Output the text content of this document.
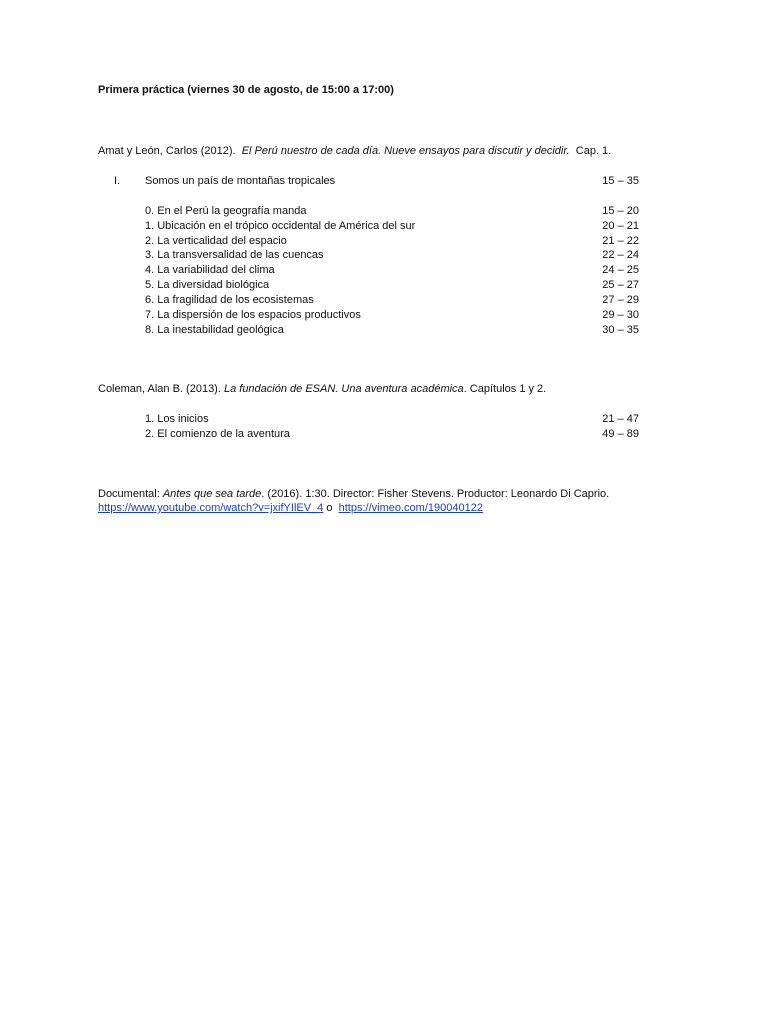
Primera práctica (viernes 30 de agosto, de 15:00 a 17:00)
Amat y León, Carlos (2012). El Perú nuestro de cada día. Nueve ensayos para discutir y decidir. Cap. 1.
I. Somos un país de montañas tropicales	15 – 35
0. En el Perú la geografía manda	15 – 20
1. Ubicación en el trópico occidental de América del sur	20 – 21
2. La verticalidad del espacio	21 – 22
3. La transversalidad de las cuencas	22 – 24
4. La variabilidad del clima	24 – 25
5. La diversidad biológica	25 – 27
6. La fragilidad de los ecosistemas	27 – 29
7. La dispersión de los espacios productivos	29 – 30
8. La inestabilidad geológica	30 – 35
Coleman, Alan B. (2013). La fundación de ESAN. Una aventura académica. Capítulos 1 y 2.
1. Los inicios	21 – 47
2. El comienzo de la aventura	49 – 89
Documental: Antes que sea tarde. (2016). 1:30. Director: Fisher Stevens. Productor: Leonardo Di Caprio.
https://www.youtube.com/watch?v=jxifYIlEV_4 o https://vimeo.com/190040122
